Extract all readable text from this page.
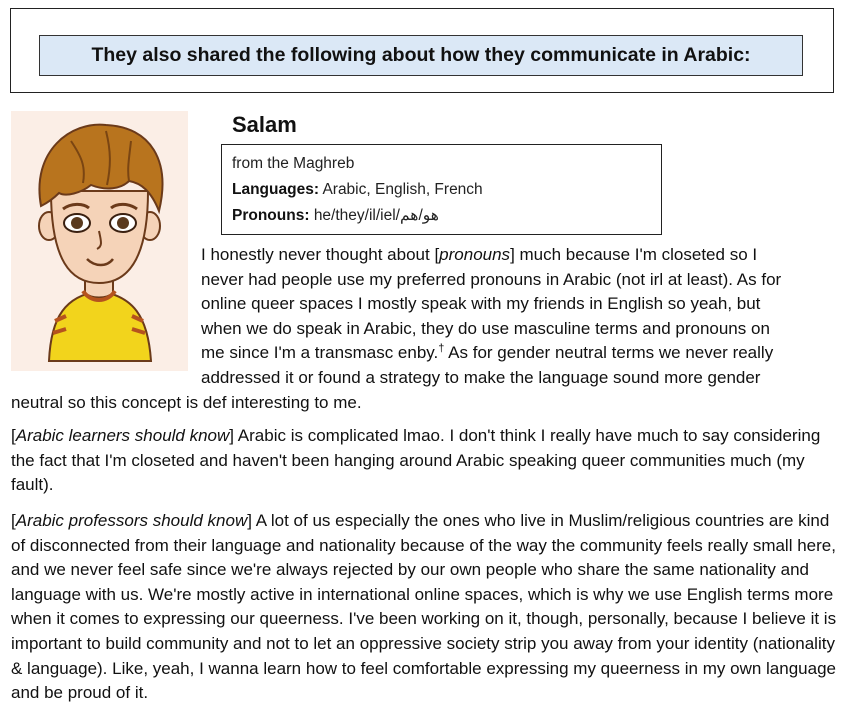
They also shared the following about how they communicate in Arabic:
Salam
from the Maghreb
Languages: Arabic, English, French
Pronouns: he/they/il/iel/هو/هم
I honestly never thought about [pronouns] much because I'm closeted so I
never had people use my preferred pronouns in Arabic (not irl at least). As for
online queer spaces I mostly speak with my friends in English so yeah, but
when we do speak in Arabic, they do use masculine terms and pronouns on
me since I'm a transmasc enby.† As for gender neutral terms we never really
addressed it or found a strategy to make the language sound more gender
neutral so this concept is def interesting to me.

[Arabic learners should know] Arabic is complicated lmao. I don't think I really have much to say considering the fact that I'm closeted and haven't been hanging around Arabic speaking queer communities much (my fault).

[Arabic professors should know] A lot of us especially the ones who live in Muslim/religious countries are kind of disconnected from their language and nationality because of the way the community feels really small here, and we never feel safe since we're always rejected by our own people who share the same nationality and language with us. We're mostly active in international online spaces, which is why we use English terms more when it comes to expressing our queerness. I've been working on it, though, personally, because I believe it is important to build community and not to let an oppressive society strip you away from your identity (nationality & language). Like, yeah, I wanna learn how to feel comfortable expressing my queerness in my own language and be proud of it.
